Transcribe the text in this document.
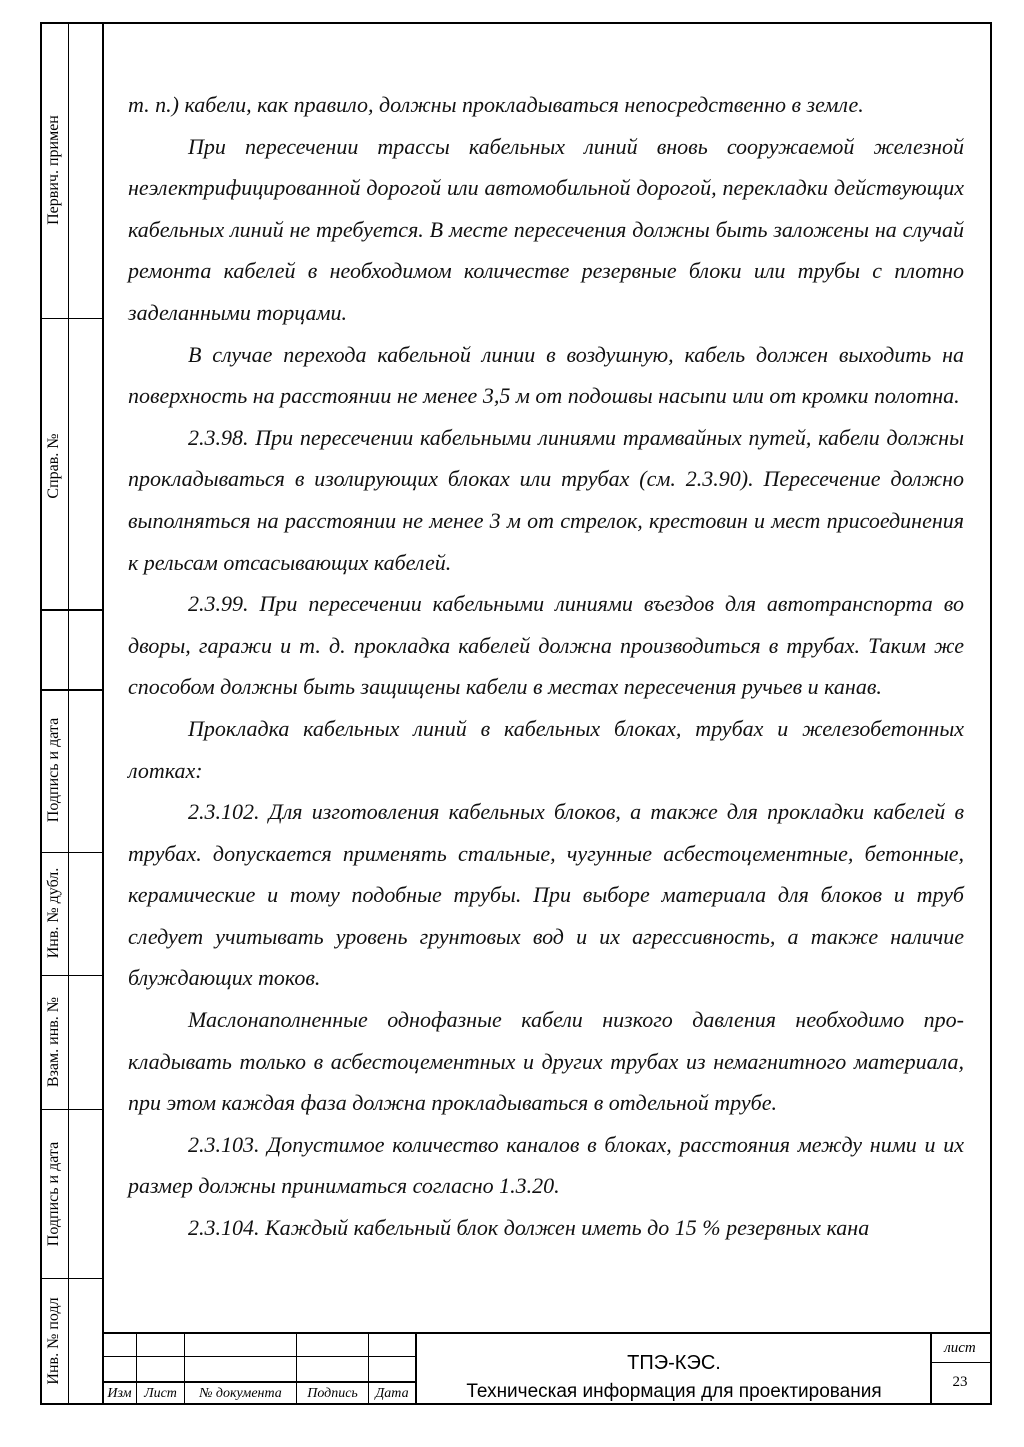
Первич. примен
Справ. №
Подпись и дата
Инв. № дубл.
Взам. инв. №
Подпись и дата
Инв. № подл

т. п.) кабели, как правило, должны прокладываться непосредственно в земле.

При пересечении трассы кабельных линий вновь сооружаемой железной неэлектрифицированной дорогой или автомобильной дорогой, перекладки действующих кабельных линий не требуется. В месте пересечения должны быть заложены на случай ремонта кабелей в необходимом количестве резервные блоки или трубы с плотно заделанными торцами.

В случае перехода кабельной линии в воздушную, кабель должен выходить на поверхность на расстоянии не менее 3,5 м от подошвы насыпи или от кромки полотна.

2.3.98. При пересечении кабельными линиями трамвайных путей, кабели должны прокладываться в изолирующих блоках или трубах (см. 2.3.90). Пересечение должно выполняться на расстоянии не менее 3 м от стрелок, крестовин и мест присоединения к рельсам отсасывающих кабелей.

2.3.99. При пересечении кабельными линиями въездов для автотранспорта во дворы, гаражи и т. д. прокладка кабелей должна производиться в трубах. Таким же способом должны быть защищены кабели в местах пересечения ручьев и канав.

Прокладка кабельных линий в кабельных блоках, трубах и железобетонных лотках:

2.3.102. Для изготовления кабельных блоков, а также для прокладки кабелей в трубах. допускается применять стальные, чугунные асбестоцементные, бетонные, керамические и тому подобные трубы. При выборе материала для блоков и труб следует учитывать уровень грунтовых вод и их агрессивность, а также наличие блуждающих токов.

Маслонаполненные однофазные кабели низкого давления необходимо прокладывать только в асбестоцементных и других трубах из немагнитного материала, при этом каждая фаза должна прокладываться в отдельной трубе.

2.3.103. Допустимое количество каналов в блоках, расстояния между ними и их размер должны приниматься согласно 1.3.20.

2.3.104. Каждый кабельный блок должен иметь до 15 % резервных кана

Изм Лист	№ документа	Подпись	Дата
ТПЭ-КЭС.
Техническая информация для проектирования
лист
23
